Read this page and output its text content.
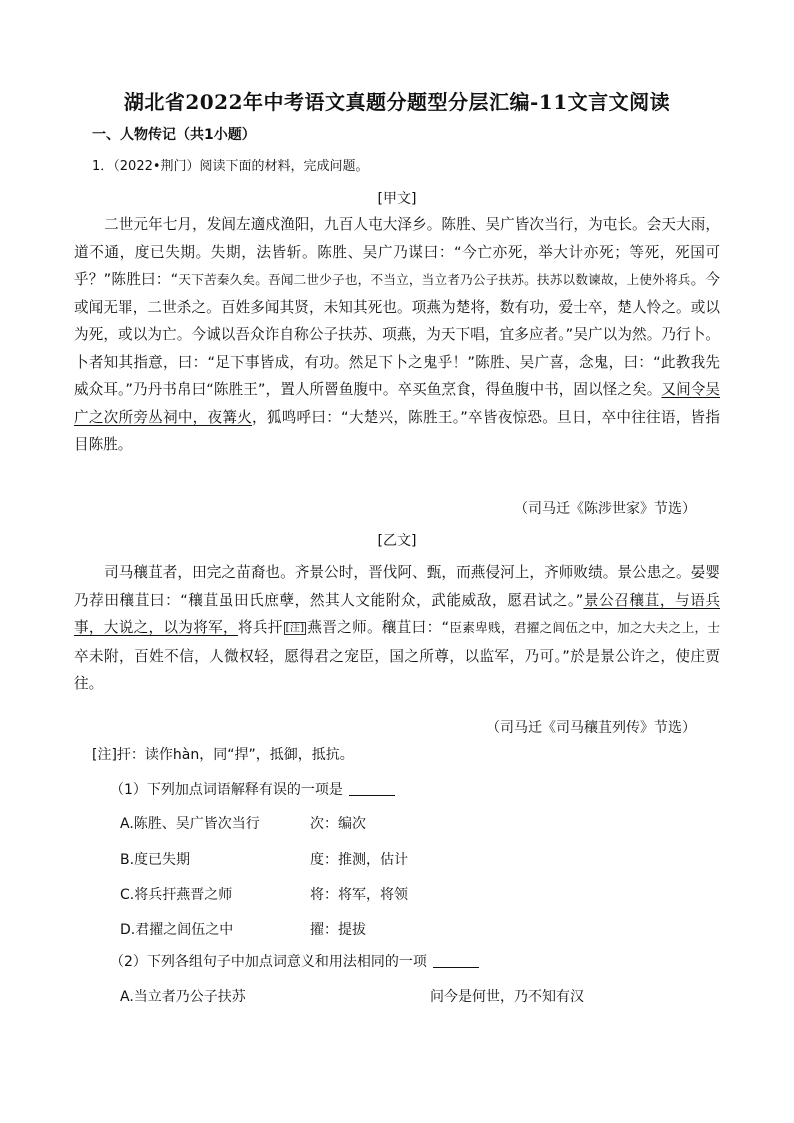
湖北省2022年中考语文真题分题型分层汇编-11文言文阅读
一、人物传记（共1小题）
1．（2022•荆门）阅读下面的材料，完成问题。
[甲文]

二世元年七月，发闾左適戍渔阳，九百人屯大泽乡。陈胜、吴广皆次当行，为屯长。会天大雨，道不通，度已失期。失期，法皆斩。陈胜、吴广乃谋曰：“今亡亦死，举大计亦死；等死，死国可乎？”陈胜曰：“天下苦秦久矣。吾闻二世少子也，不当立，当立者乃公子扶苏。扶苏以数谏故，上使外将兵。今或闻无罪，二世杀之。百姓多闻其贤，未知其死也。项燕为楚将，数有功，爱士卒，楚人怜之。或以为死，或以为亡。今诚以吾众诈自称公子扶苏、项燕，为天下唱，宜多应者。”吴广以为然。乃行卜。卜者知其指意，曰：“足下事皆成，有功。然足下卜之鬼乎！”陈胜、吴广喜，念鬼，曰：“此教我先威众耳。”乃丹书帛曰“陈胜王”，置人所罾鱼腹中。卒买鱼烹食，得鱼腹中书，固以怪之矣。又间令吴广之次所旁丛祠中，夜篝火，狐鸣呼曰：“大楚兴，陈胜王。”卒皆夜惊恐。旦日，卒中往往语，皆指目陈胜。

（司马迁《陈涉世家》节选）
[乙文]

司马穰苴者，田完之苗裔也。齐景公时，晋伐阿、甄，而燕侵河上，齐师败绩。景公患之。晏婴乃荐田穰苴曰：“穰苴虽田氏庶孽，然其人文能附众，武能威敌，愿君试之。”景公召穰苴，与语兵事，大说之，以为将军，将兵扞 [注] 燕晋之师。穰苴曰：“臣素卑贱，君擢之闾伍之中，加之大夫之上，士卒未附，百姓不信，人微权轻，愿得君之宠臣，国之所尊，以监军，乃可。”於是景公许之，使庄贾往。

（司马迁《司马穰苴列传》节选）
[注]扞：读作hàn，同“捍”，抵御，抵抗。
（1）下列加点词语解释有误的一项是
A.陈胜、吴广皆次当行	次：编次
B.度已失期	度：推测，估计
C.将兵扞燕晋之师	将：将军，将领
D.君擢之闾伍之中	擢：提拔
（2）下列各组句子中加点词意义和用法相同的一项
A.当立者乃公子扶苏	问今是何世，乃不知有汉
